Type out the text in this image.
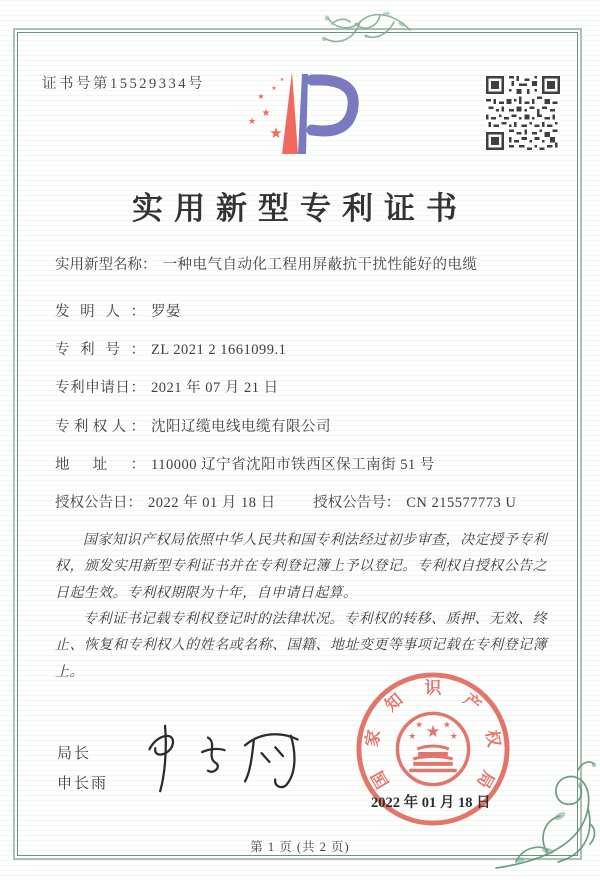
证书号第15529334号
★
★
★
★
★
★
实用新型专利证书
实用新型名称： 一种电气自动化工程用屏蔽抗干扰性能好的电缆
发明人： 罗晏
专利号： ZL 2021 2 1661099.1
专利申请日： 2021 年 07 月 21 日
专利权人： 沈阳辽缆电线电缆有限公司
地址： 110000 辽宁省沈阳市铁西区保工南街 51 号
授权公告日： 2022 年 01 月 18 日	授权公告号： CN 215577773 U

国家知识产权局依照中华人民共和国专利法经过初步审查，决定授予专利权，颁发实用新型专利证书并在专利登记簿上予以登记。专利权自授权公告之日起生效。专利权期限为十年，自申请日起算。

专利证书记载专利权登记时的法律状况。专利权的转移、质押、无效、终止、恢复和专利权人的姓名或名称、国籍、地址变更等事项记载在专利登记簿上。

局长
申长雨	国
家
知
识
产
权
局
★
★ ★
★	★
2022 年 01 月 18 日
第 1 页 (共 2 页)
